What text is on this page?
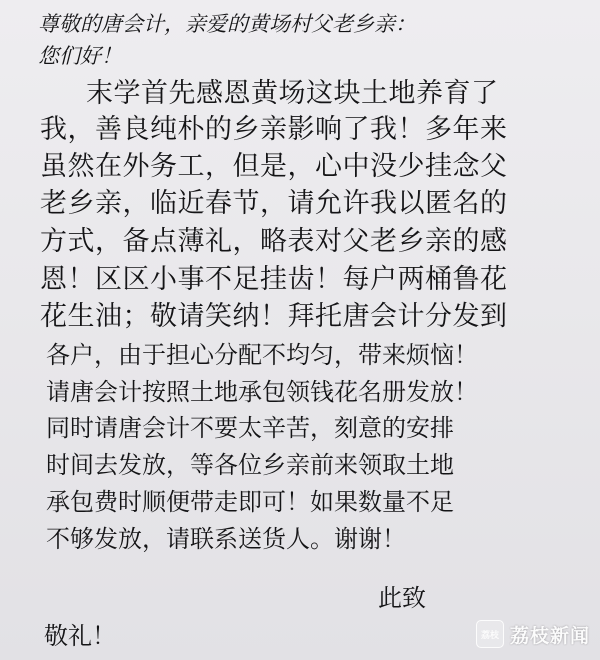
尊敬的唐会计，亲爱的黄场村父老乡亲：
您们好！
末学首先感恩黄场这块土地养育了
我，善良纯朴的乡亲影响了我！多年来
虽然在外务工，但是，心中没少挂念父
老乡亲，临近春节，请允许我以匿名的
方式，备点薄礼，略表对父老乡亲的感
恩！区区小事不足挂齿！每户两桶鲁花
花生油；敬请笑纳！拜托唐会计分发到
各户，由于担心分配不均匀，带来烦恼！
请唐会计按照土地承包领钱花名册发放！
同时请唐会计不要太辛苦，刻意的安排
时间去发放，等各位乡亲前来领取土地
承包费时顺便带走即可！如果数量不足
不够发放，请联系送货人。谢谢！
此致
敬礼！	荔枝 荔枝新闻
